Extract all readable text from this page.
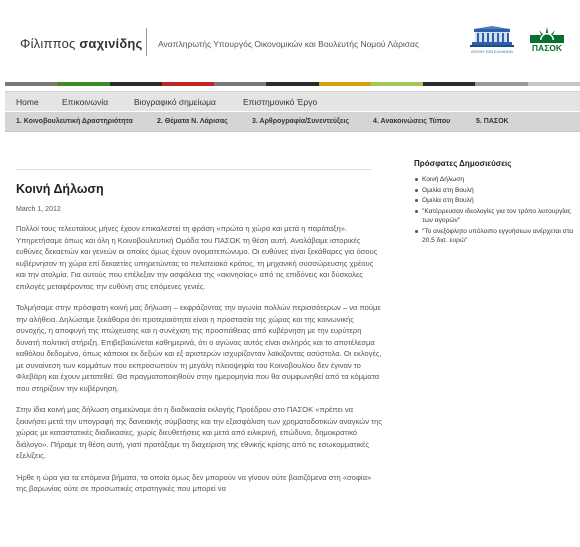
Φίλιππος σαχινίδης Αναπληρωτής Υπουργός Οικονομικών και Βουλευτής Νομού Λάρισας
ΒΟΥΛΗ ΤΩΝ ΕΛΛΗΝΩΝ	ΠΑΣΟΚ
Home	Επικοινωνία	Βιογραφικό σημείωμα	Επιστημονικό Έργο
1. Κοινοβουλευτική Δραστηριότητα	2. Θέματα Ν. Λάρισας	3. Αρθρογραφία/Συνεντεύξεις	4. Ανακοινώσεις Τύπου	5. ΠΑΣΟΚ
Κοινή Δήλωση
March 1, 2012

Πολλοί τους τελευταίους μήνες έχουν επικαλεστεί τη φράση «πρώτα η χώρα και μετά η παράταξη». Υπηρετήσαμε όπως και όλη η Κοινοβουλευτική Ομάδα του ΠΑΣΟΚ τη θέση αυτή. Αναλάβαμε ιστορικές ευθύνες δεκαετιών και γενεών οι οποίες όμως έχουν ονοματεπώνυμο. Οι ευθύνες είναι ξεκάθαρες για όσους κυβέρνησαν τη χώρα επί δεκαετίες υπηρετώντας το πελατειακό κράτος, τη μηχανική συσσώρευσης χρέους και την ατολμία. Για αυτούς που επέλεξαν την ασφάλεια της «ακινησίας» από τις επιδόνεις και δύσκολες επιλογές μεταφέροντας την ευθύνη στις επόμενες γενιές.

Τολμήσαμε στην πρόσφατη κοινή μας δήλωση – εκφράζοντας την αγωνία πολλών περισσότερων – να πούμε την αλήθεια. Δηλώσαμε ξεκάθαρα ότι προτεραιότητα είναι η προστασία της χώρας και της κοινωνικής συνοχής, η αποφυγή της πτώχευσης και η συνέχιση της προσπάθειας από κυβέρνηση με την ευρύτερη δυνατή πολιτική στήριξη. Επιβεβαιώνεται καθημερινά, ότι ο αγώνας αυτός είναι σκληρός και το αποτέλεσμα καθόλου δεδομένο, όπως κάποιοι εκ δεξιών και εξ αριστερών ισχυρίζονταν λαϊκίζοντας ασύστολα. Οι εκλογές, με συναίνεση των κομμάτων που εκπροσωπούν τη μεγάλη πλειοψηφία του Κοινοβουλίου δεν έγιναν το Φλεβάρη και έχουν μετατεθεί. Θα πραγματοποιηθούν στην ημερομηνία που θα συμφωνηθεί από τα κόμματα που στηρίζουν την κυβέρνηση.

Στην ίδια κοινή μας δήλωση σημειώναμε ότι η διαδικασία εκλογής Προέδρου στο ΠΑΣΟΚ «πρέπει να ξεκινήσει μετά την υπογραφή της δανειακής σύμβασης και την εξασφάλιση των χρηματοδοτικών αναγκών της χώρας με καταστατικές διαδικασίες, χωρίς διευθετήσεις και μετά από ειλικρινή, επώδυνο, δημοκρατικό διάλογο». Πήραμε τη θέση αυτή, γιατί προτάξαμε τη διαχείριση της εθνικής κρίσης από τις εσωκομματικές εξελίξεις.

Ήρθε η ώρα για τα επόμενα βήματα, τα οποία όμως δεν μπορούν να γίνουν ούτε βασιζόμενα στη «σοφία» της βαρωνίας ούτε σε προσωπικές στρατηγικές που μπορεί να

Πρόσφατες Δημοσιεύσεις
Κοινή Δήλωση
Ομιλία στη Βουλή
Ομιλία στη Βουλή
"Κατέρρευσαν ιδεολογίες για τον τρόπο λειτουργίας των αγορών"
"Το ανεξόφλητο υπόλοιπο εγγυήσεων ανέρχεται στα 20,5 δισ. ευρώ"
